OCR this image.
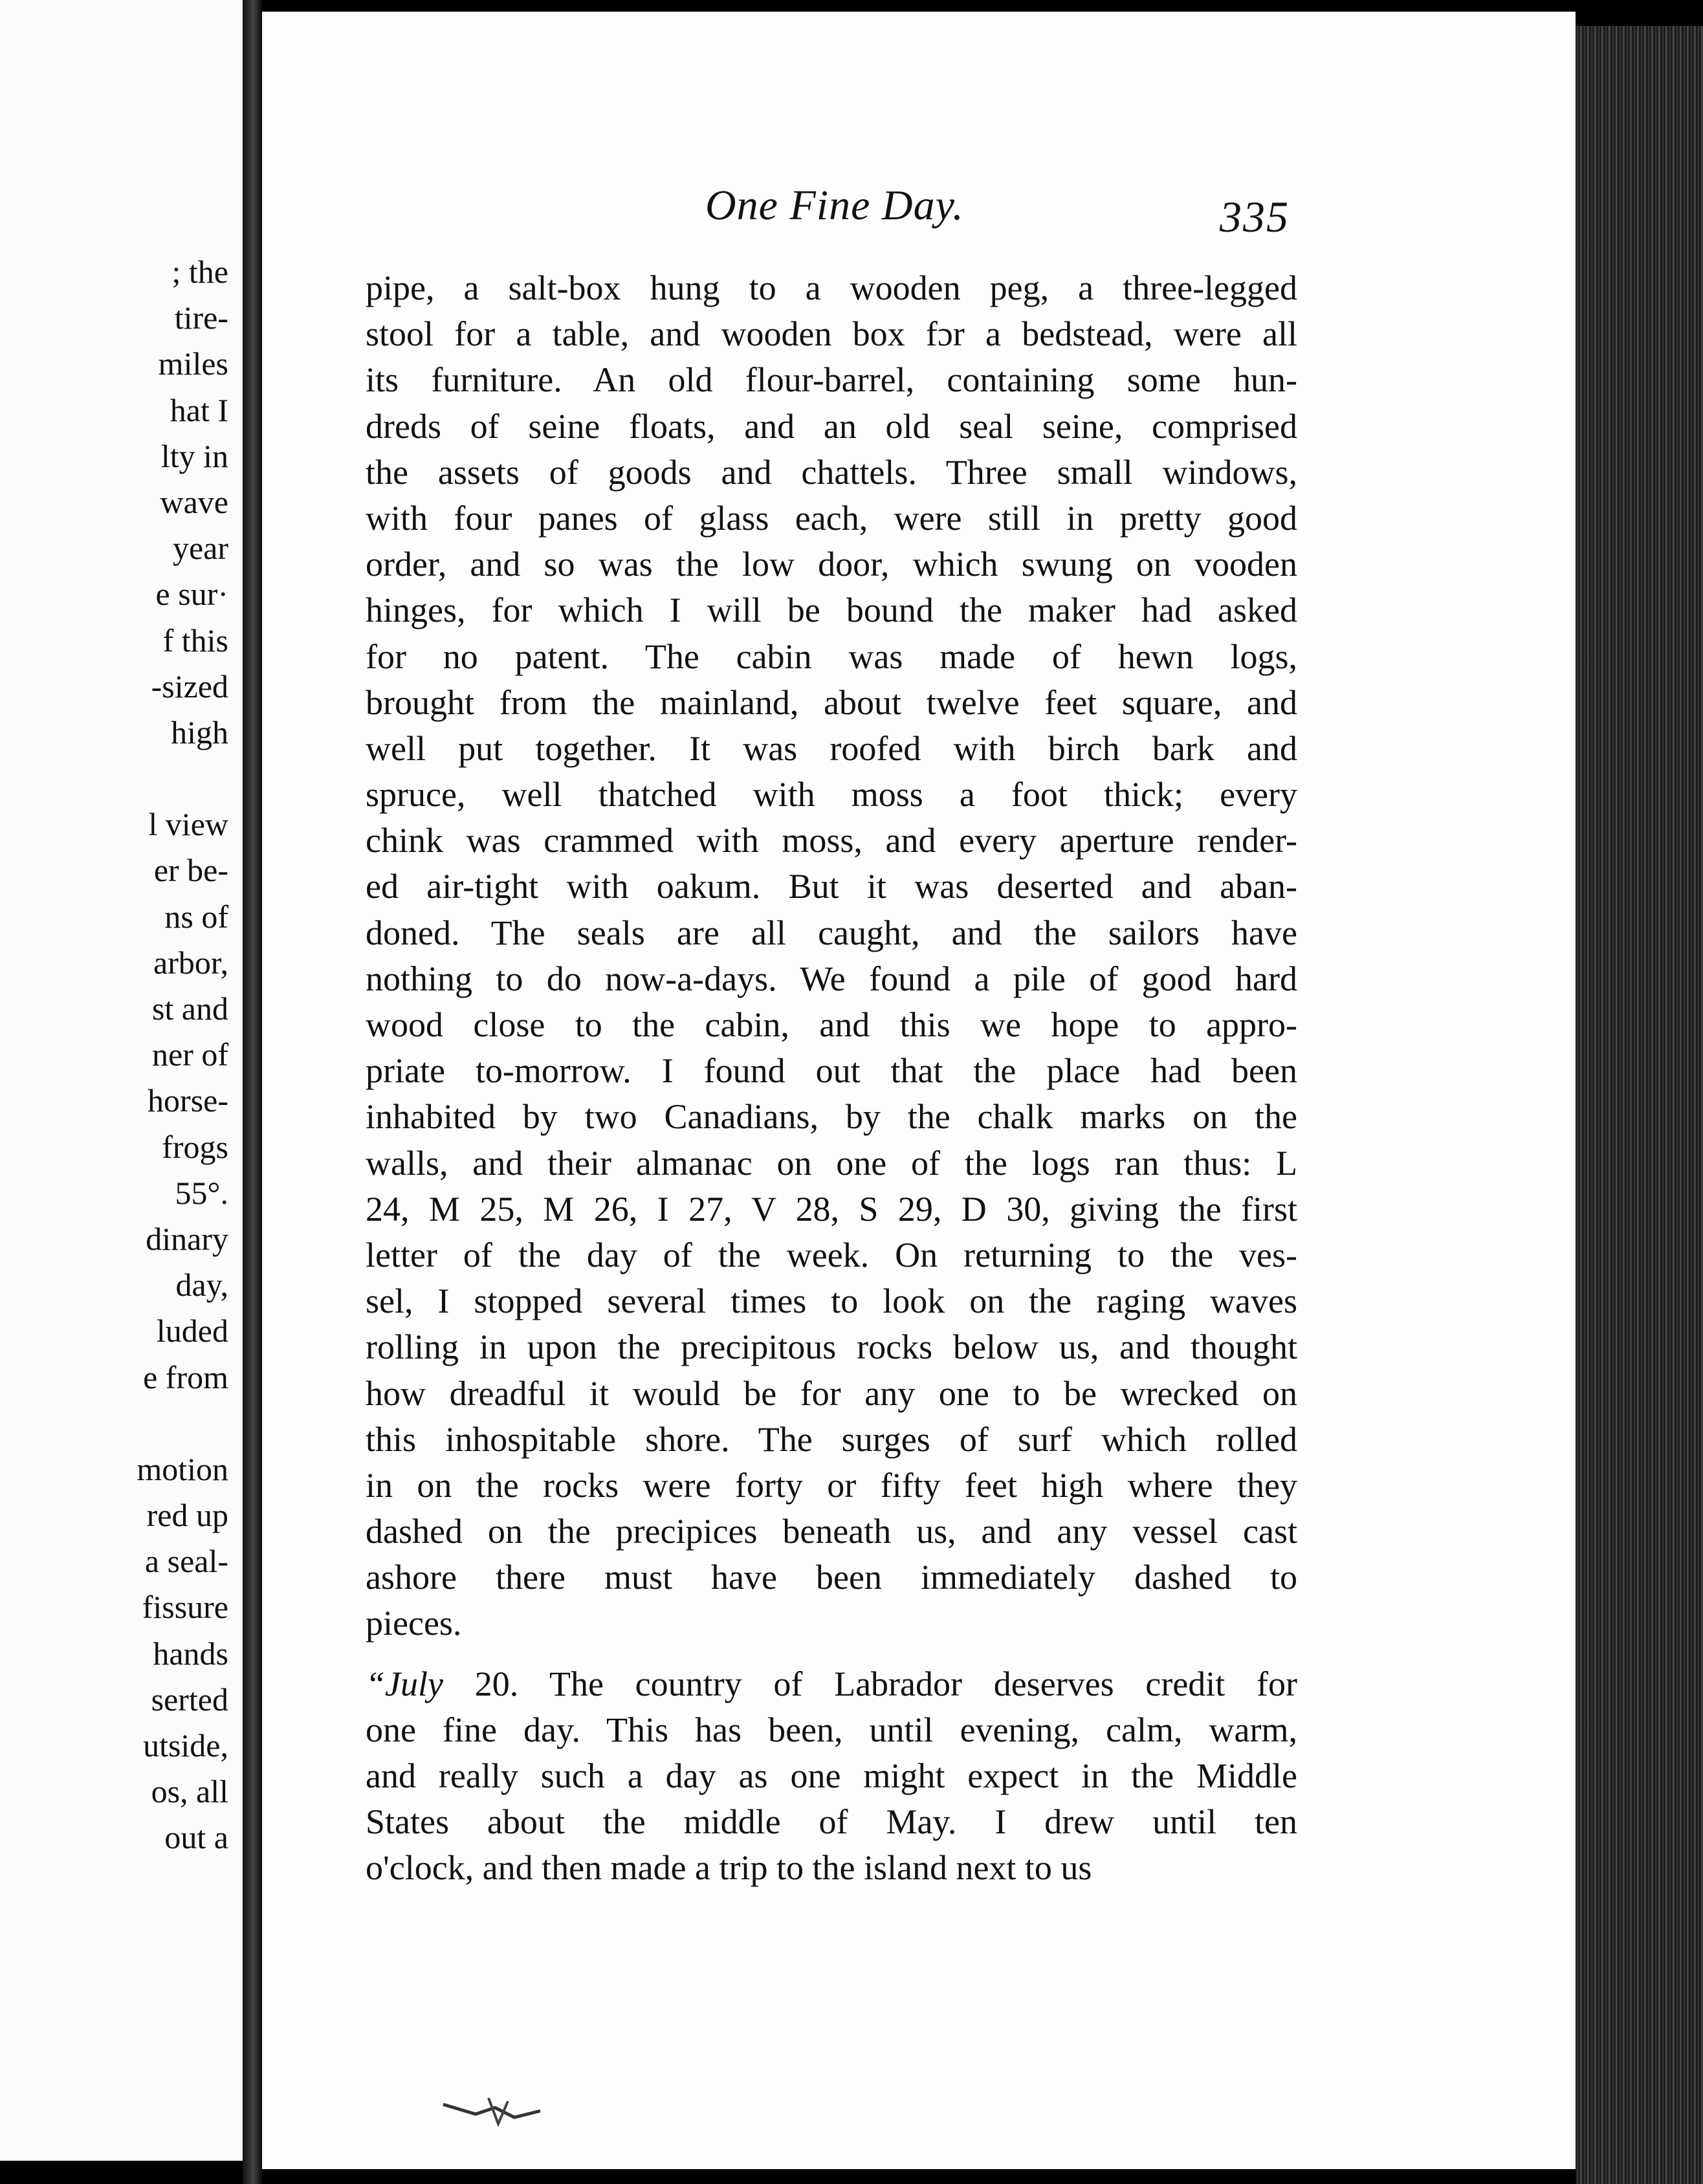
; the
tire-
miles
hat I
lty in
wave
year
e sur·
f this
-sized
high
l view
er be-
ns of
arbor,
st and
ner of
horse-
frogs
55°.
dinary
day,
luded
e from
motion
red up
a seal-
fissure
hands
serted
utside,
os, all
out a
One Fine Day.	335
pipe, a salt-box hung to a wooden peg, a three-legged
stool for a table, and wooden box fɔr a bedstead, were all
its furniture. An old flour-barrel, containing some hun-
dreds of seine floats, and an old seal seine, comprised
the assets of goods and chattels. Three small windows,
with four panes of glass each, were still in pretty good
order, and so was the low door, which swung on vooden
hinges, for which I will be bound the maker had asked
for no patent. The cabin was made of hewn logs,
brought from the mainland, about twelve feet square, and
well put together. It was roofed with birch bark and
spruce, well thatched with moss a foot thick; every
chink was crammed with moss, and every aperture render-
ed air-tight with oakum. But it was deserted and aban-
doned. The seals are all caught, and the sailors have
nothing to do now-a-days. We found a pile of good hard
wood close to the cabin, and this we hope to appro-
priate to-morrow. I found out that the place had been
inhabited by two Canadians, by the chalk marks on the
walls, and their almanac on one of the logs ran thus: L
24, M 25, M 26, I 27, V 28, S 29, D 30, giving the first
letter of the day of the week. On returning to the ves-
sel, I stopped several times to look on the raging waves
rolling in upon the precipitous rocks below us, and thought
how dreadful it would be for any one to be wrecked on
this inhospitable shore. The surges of surf which rolled
in on the rocks were forty or fifty feet high where they
dashed on the precipices beneath us, and any vessel cast
ashore there must have been immediately dashed to
pieces.
“July 20. The country of Labrador deserves credit for
one fine day. This has been, until evening, calm, warm,
and really such a day as one might expect in the Middle
States about the middle of May. I drew until ten
o'clock, and then made a trip to the island next to us
